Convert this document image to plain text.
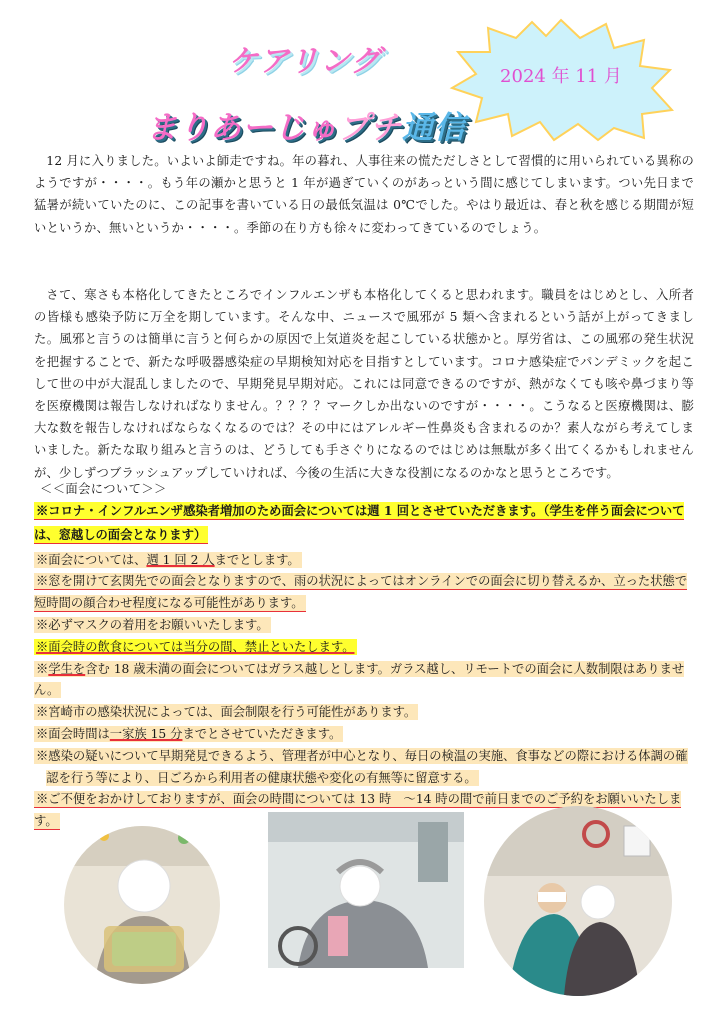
ケアリング
まりあーじゅプチ通信
2024 年 11 月

12 月に入りました。いよいよ師走ですね。年の暮れ、人事往来の慌ただしさとして習慣的に用いられている異称のようですが・・・・。もう年の瀬かと思うと 1 年が過ぎていくのがあっという間に感じてしまいます。つい先日まで猛暑が続いていたのに、この記事を書いている日の最低気温は 0℃でした。やはり最近は、春と秋を感じる期間が短いというか、無いというか・・・・。季節の在り方も徐々に変わってきているのでしょう。

さて、寒さも本格化してきたところでインフルエンザも本格化してくると思われます。職員をはじめとし、入所者の皆様も感染予防に万全を期しています。そんな中、ニュースで風邪が 5 類へ含まれるという話が上がってきました。風邪と言うのは簡単に言うと何らかの原因で上気道炎を起こしている状態かと。厚労省は、この風邪の発生状況を把握することで、新たな呼吸器感染症の早期検知対応を目指すとしています。コロナ感染症でパンデミックを起こして世の中が大混乱しましたので、早期発見早期対応。これには同意できるのですが、熱がなくても咳や鼻づまり等を医療機関は報告しなければなりません。？？？？マークしか出ないのですが・・・・。こうなると医療機関は、膨大な数を報告しなければならなくなるのでは？その中にはアレルギー性鼻炎も含まれるのか？素人ながら考えてしまいました。新たな取り組みと言うのは、どうしても手さぐりになるのではじめは無駄が多く出てくるかもしれませんが、少しずつブラッシュアップしていければ、今後の生活に大きな役割になるのかなと思うところです。

＜＜面会について＞＞
※コロナ・インフルエンザ感染者増加のため面会については週 1 回とさせていただきます。（学生を伴う面会については、窓越しの面会となります）
※面会については、週 1 回 2 人までとします。
※窓を開けて玄関先での面会となりますので、雨の状況によってはオンラインでの面会に切り替えるか、立った状態で短時間の顔合わせ程度になる可能性があります。
※必ずマスクの着用をお願いいたします。
※面会時の飲食については当分の間、禁止といたします。
※学生を含む 18 歳未満の面会についてはガラス越しとします。ガラス越し、リモートでの面会に人数制限はありません。
※宮崎市の感染状況によっては、面会制限を行う可能性があります。
※面会時間は一家族 15 分までとさせていただきます。
※感染の疑いについて早期発見できるよう、管理者が中心となり、毎日の検温の実施、食事などの際における体調の確認を行う等により、日ごろから利用者の健康状態や変化の有無等に留意する。
※ご不便をおかけしておりますが、面会の時間については 13 時　～14 時の間で前日までのご予約をお願いいたします。
